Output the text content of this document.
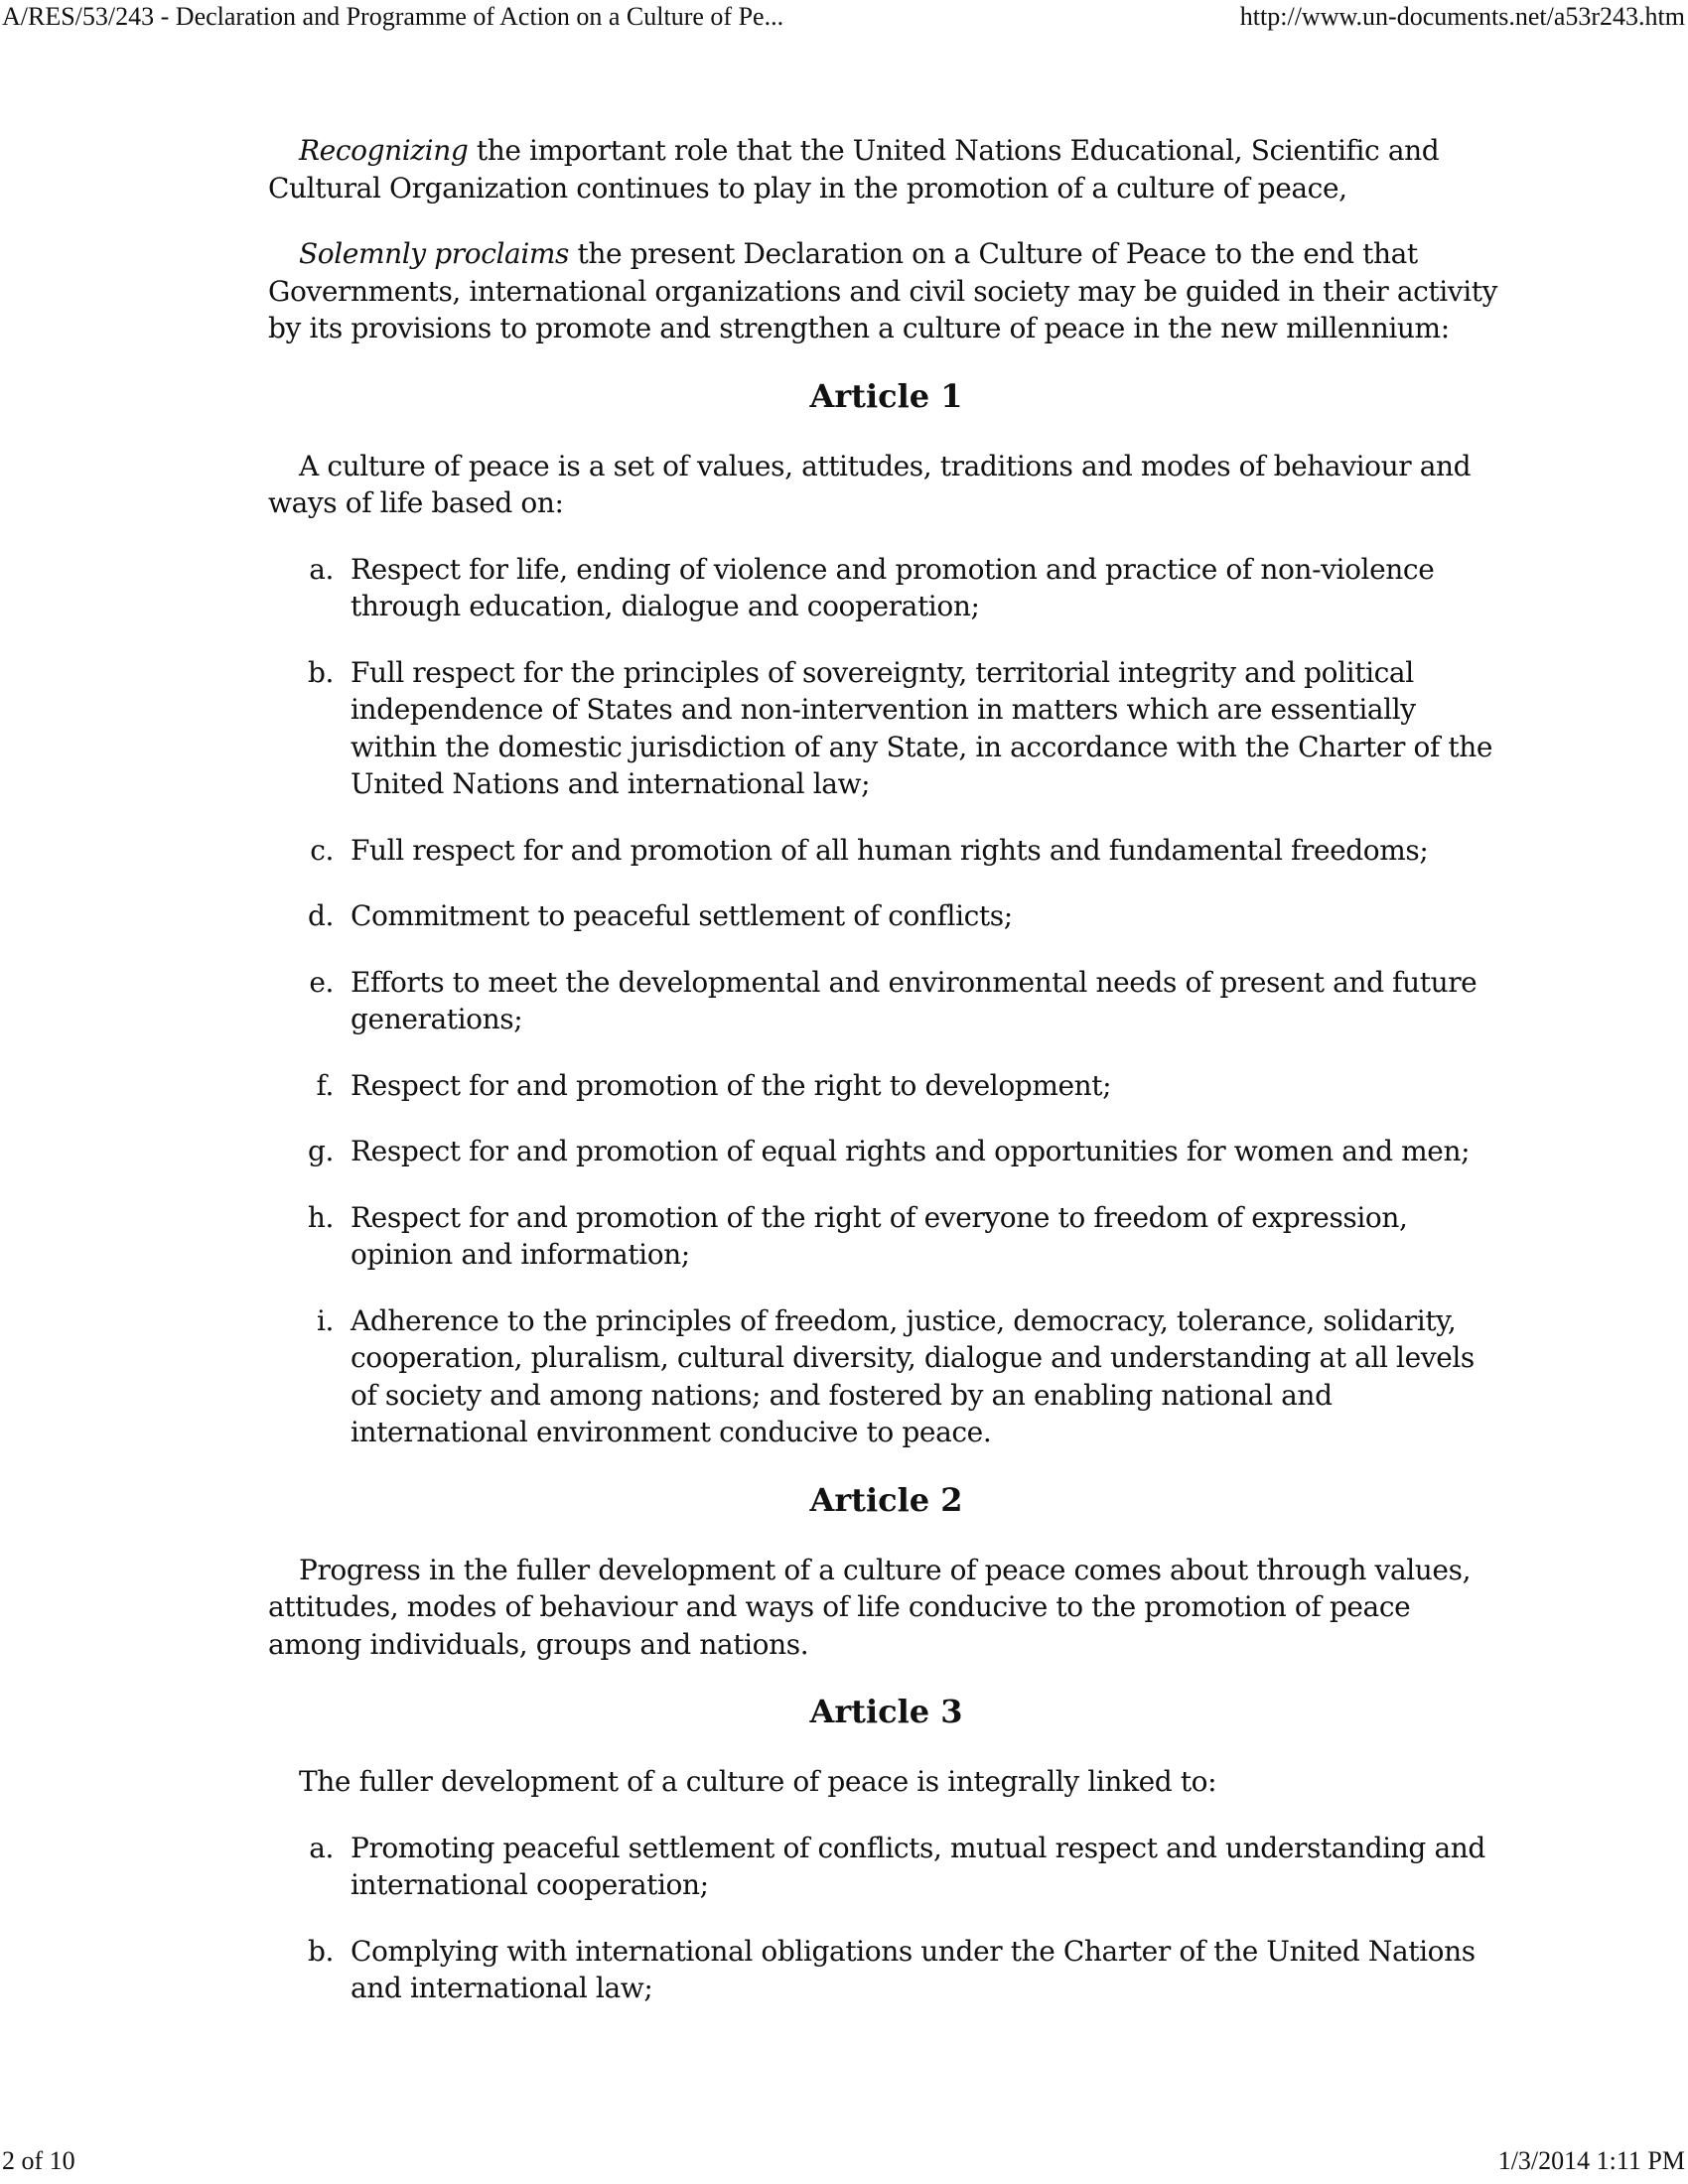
A/RES/53/243 - Declaration and Programme of Action on a Culture of Pe...	http://www.un-documents.net/a53r243.htm

Recognizing the important role that the United Nations Educational, Scientific and Cultural Organization continues to play in the promotion of a culture of peace,

Solemnly proclaims the present Declaration on a Culture of Peace to the end that Governments, international organizations and civil society may be guided in their activity by its provisions to promote and strengthen a culture of peace in the new millennium:

Article 1

A culture of peace is a set of values, attitudes, traditions and modes of behaviour and ways of life based on:

a. Respect for life, ending of violence and promotion and practice of non-violence through education, dialogue and cooperation;
b. Full respect for the principles of sovereignty, territorial integrity and political independence of States and non-intervention in matters which are essentially within the domestic jurisdiction of any State, in accordance with the Charter of the United Nations and international law;
c. Full respect for and promotion of all human rights and fundamental freedoms;
d. Commitment to peaceful settlement of conflicts;
e. Efforts to meet the developmental and environmental needs of present and future generations;
f. Respect for and promotion of the right to development;
g. Respect for and promotion of equal rights and opportunities for women and men;
h. Respect for and promotion of the right of everyone to freedom of expression, opinion and information;
i. Adherence to the principles of freedom, justice, democracy, tolerance, solidarity, cooperation, pluralism, cultural diversity, dialogue and understanding at all levels of society and among nations; and fostered by an enabling national and international environment conducive to peace.
Article 2

Progress in the fuller development of a culture of peace comes about through values, attitudes, modes of behaviour and ways of life conducive to the promotion of peace among individuals, groups and nations.

Article 3

The fuller development of a culture of peace is integrally linked to:

a. Promoting peaceful settlement of conflicts, mutual respect and understanding and international cooperation;
b. Complying with international obligations under the Charter of the United Nations and international law;
2 of 10	1/3/2014 1:11 PM
